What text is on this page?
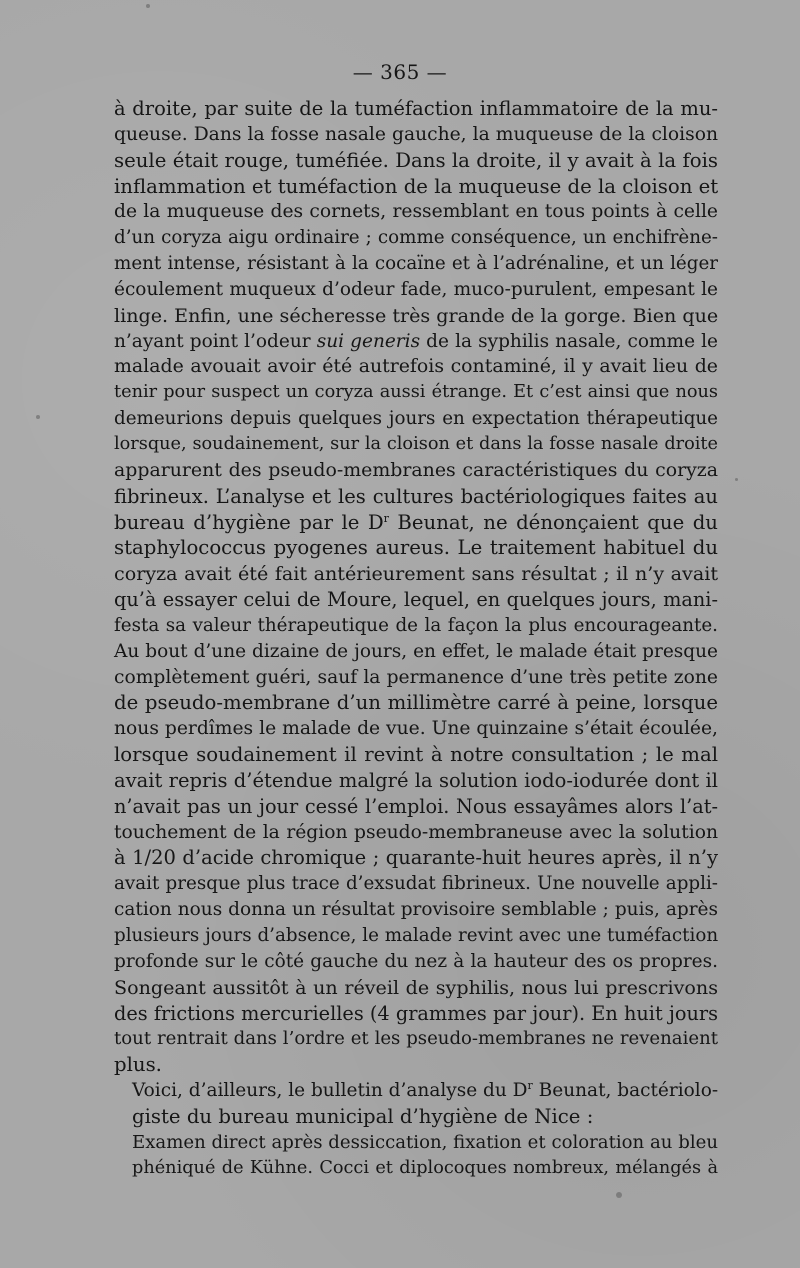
— 365 —

à droite, par suite de la tuméfaction inflammatoire de la mu-
queuse. Dans la fosse nasale gauche, la muqueuse de la cloison
seule était rouge, tuméfiée. Dans la droite, il y avait à la fois
inflammation et tuméfaction de la muqueuse de la cloison et
de la muqueuse des cornets, ressemblant en tous points à celle
d’un coryza aigu ordinaire ; comme conséquence, un enchifrène-
ment intense, résistant à la cocaïne et à l’adrénaline, et un léger
écoulement muqueux d’odeur fade, muco-purulent, empesant le
linge. Enfin, une sécheresse très grande de la gorge. Bien que
n’ayant point l’odeur sui generis de la syphilis nasale, comme le
malade avouait avoir été autrefois contaminé, il y avait lieu de
tenir pour suspect un coryza aussi étrange. Et c’est ainsi que nous
demeurions depuis quelques jours en expectation thérapeutique
lorsque, soudainement, sur la cloison et dans la fosse nasale droite
apparurent des pseudo-membranes caractéristiques du coryza
fibrineux. L’analyse et les cultures bactériologiques faites au
bureau d’hygiène par le $D^r$ Beunat, ne dénonçaient que du
staphylococcus pyogenes aureus. Le traitement habituel du
coryza avait été fait antérieurement sans résultat ; il n’y avait
qu’à essayer celui de Moure, lequel, en quelques jours, mani-
festa sa valeur thérapeutique de la façon la plus encourageante.
Au bout d’une dizaine de jours, en effet, le malade était presque
complètement guéri, sauf la permanence d’une très petite zone
de pseudo-membrane d’un millimètre carré à peine, lorsque
nous perdîmes le malade de vue. Une quinzaine s’était écoulée,
lorsque soudainement il revint à notre consultation ; le mal
avait repris d’étendue malgré la solution iodo-iodurée dont il
n’avait pas un jour cessé l’emploi. Nous essayâmes alors l’at-
touchement de la région pseudo-membraneuse avec la solution
à 1/20 d’acide chromique ; quarante-huit heures après, il n’y
avait presque plus trace d’exsudat fibrineux. Une nouvelle appli-
cation nous donna un résultat provisoire semblable ; puis, après
plusieurs jours d’absence, le malade revint avec une tuméfaction
profonde sur le côté gauche du nez à la hauteur des os propres.
Songeant aussitôt à un réveil de syphilis, nous lui prescrivons
des frictions mercurielles (4 grammes par jour). En huit jours
tout rentrait dans l’ordre et les pseudo-membranes ne revenaient
plus.

Voici, d’ailleurs, le bulletin d’analyse du $D^r$ Beunat, bactériolo-
giste du bureau municipal d’hygiène de Nice :

Examen direct après dessiccation, fixation et coloration au bleu
phéniqué de Kühne. Cocci et diplocoques nombreux, mélangés à
